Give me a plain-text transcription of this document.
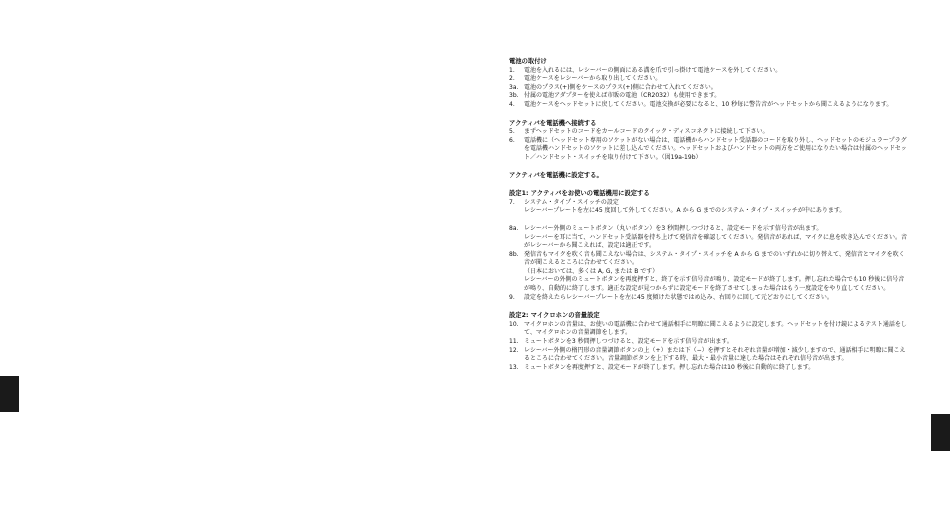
電池の取付け
1.	電池を入れるには、レシーバーの側面にある溝を爪で引っ掛けて電池ケースを外してください。
2.	電池ケースをレシーバーから取り出してください。
3a. 電池のプラス(+)側をケースのプラス(+)側に合わせて入れてください。
3b. 付属の電池アダプターを使えば市販の電池（CR2032）も使用できます。
4.	電池ケースをヘッドセットに戻してください。電池交換が必要になると、10 秒毎に警告音がヘッドセットから聞こえるようになります。
アクティバを電話機へ接続する
5.	まずヘッドセットのコードをカールコードのクイック・ディスコネクトに接続して下さい。
6.	電話機に（ヘッドセット専用のソケットがない場合は、電話機からハンドセット受話器のコードを取り外し、ヘッドセットのモジュラープラグを電話機ハンドセットのソケットに差し込んでください。ヘッドセットおよびハンドセットの両方をご使用になりたい場合は付属のヘッドセット／ハンドセット・スイッチを取り付けて下さい。（図19a-19b）
アクティバを電話機に設定する。
設定1: アクティバをお使いの電話機用に設定する
7.	システム・タイプ・スイッチの設定
レシーバープレートを左に45 度回して外してください。A から G までのシステム・タイプ・スイッチが中にあります。
8a. レシーバー外側のミュートボタン（丸いボタン）を3 秒間押しつづけると、設定モードを示す信号音が出ます。
レシーバーを耳に当て、ハンドセット受話器を持ち上げて発信音を確認してください。発信音があれば、マイクに息を吹き込んでください。音がレシーバーから聞こえれば、設定は適正です。
8b. 発信音もマイクを吹く音も聞こえない場合は、システム・タイプ・スイッチを A から G までのいずれかに切り替えて、発信音とマイクを吹く音が聞こえるところに合わせてください。
（日本においては、多くは A, G, または B です）
レシーバーの外側のミュートボタンを再度押すと、終了を示す信号音が鳴り、設定モードが終了します。押し忘れた場合でも10 秒後に信号音が鳴り、自動的に終了します。適正な設定が見つからずに設定モードを終了させてしまった場合はもう一度設定をやり直してください。
9.	設定を終えたらレシーバープレートを左に45 度傾けた状態ではめ込み、右回りに回して元どおりにしてください。
設定2: マイクロホンの音量設定
10. マイクロホンの音量は、お使いの電話機に合わせて通話相手に明瞭に聞こえるように設定します。ヘッドセットを付け鏡によるテスト通話をして、マイクロホンの音量調節をします。
11. ミュートボタンを3 秒間押しつづけると、設定モードを示す信号音が出ます。
12. レシーバー外側の楕円形の音量調節ボタンの上（+）または下（−）を押すとそれぞれ音量が増加・減少しますので、通話相手に明瞭に聞こえるところに合わせてください。音量調節ボタンを上下する時、最大・最小音量に達した場合はそれぞれ信号音が出ます。
13. ミュートボタンを再度押すと、設定モードが終了します。押し忘れた場合は10 秒後に自動的に終了します。
